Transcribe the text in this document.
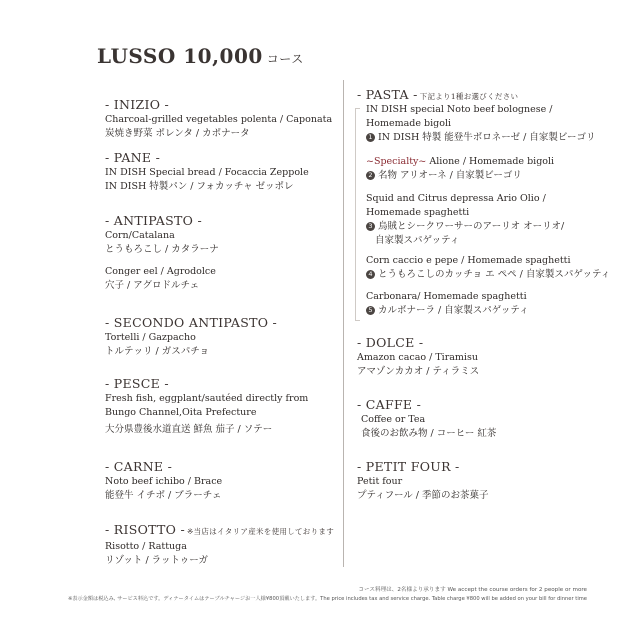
LUSSO 10,000 コース
- INIZIO -
Charcoal-grilled vegetables polenta / Caponata
炭焼き野菜 ポレンタ / カポナータ
- PANE -
IN DISH Special bread / Focaccia Zeppole
IN DISH 特製パン / フォカッチャ ゼッポレ
- ANTIPASTO -
Corn/Catalana
とうもろこし / カタラーナ
Conger eel / Agrodolce
穴子 / アグロドルチェ
- SECONDO ANTIPASTO -
Tortelli / Gazpacho
トルテッリ / ガスパチョ
- PESCE -
Fresh fish, eggplant/sautéed directly from
Bungo Channel,Oita Prefecture
大分県豊後水道直送 鮮魚 茄子 / ソテー
- CARNE -
Noto beef ichibo / Brace
能登牛 イチボ / ブラーチェ
- RISOTTO - ※当店はイタリア産米を使用しております
Risotto / Rattuga
リゾット / ラットゥーガ
- PASTA - 下記より1種お選びください
IN DISH special Noto beef bolognese /
Homemade bigoli
1 IN DISH 特製 能登牛ボロネーゼ / 自家製ビーゴリ
~Specialty~ Alione / Homemade bigoli
2 名物 アリオーネ / 自家製ビーゴリ
Squid and Citrus depressa Ario Olio /
Homemade spaghetti
3 烏賊とシークワーサーのアーリオ オーリオ/
自家製スパゲッティ
Corn caccio e pepe / Homemade spaghetti
4 とうもろこしのカッチョ エ ペペ / 自家製スパゲッティ
Carbonara/ Homemade spaghetti
5 カルボナーラ / 自家製スパゲッティ
- DOLCE -
Amazon cacao / Tiramisu
アマゾンカカオ / ティラミス
- CAFFE -
Coffee or Tea
食後のお飲み物 / コーヒー 紅茶
- PETIT FOUR -
Petit four
プティフール / 季節のお茶菓子
コース料理は、2名様より承ります We accept the course orders for 2 people or more
※表示金額は税込み, サービス料込です。ディナータイムはテーブルチャージお一人様¥800頂戴いたします。The price includes tax and service charge. Table charge ¥800 will be added on your bill for dinner time
